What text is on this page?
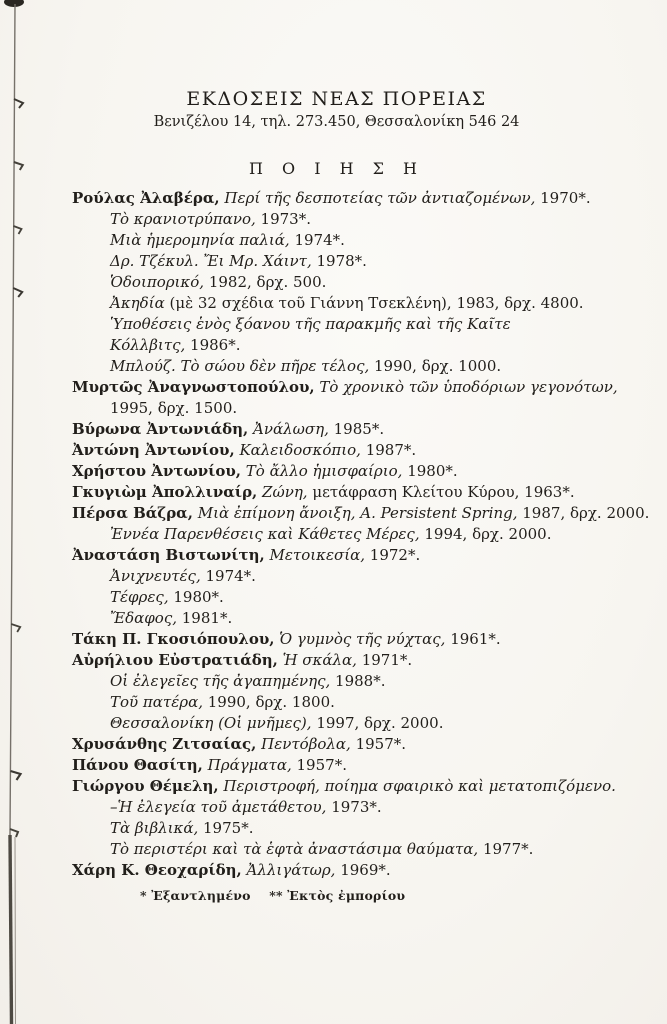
ΕΚΔΟΣΕΙΣ ΝΕΑΣ ΠΟΡΕΙΑΣ
Βενιζέλου 14, τηλ. 273.450, Θεσσαλονίκη 546 24
Π Ο Ι Η Σ Η
Ρούλας Ἀλαβέρα, Περί τῆς δεσποτείας τῶν ἀντιαζομένων, 1970*.
Τὸ κρανιοτρύπανο, 1973*.
Μιὰ ἡμερομηνία παλιά, 1974*.
Δρ. Τζέκυλ. Ἔι Μρ. Χάιντ, 1978*.
Ὁδοιπορικό, 1982, δρχ. 500.
Ἀκηδία (μὲ 32 σχέδια τοῦ Γιάννη Τσεκλένη), 1983, δρχ. 4800.
Ὑποθέσεις ἑνὸς ξόανου τῆς παρακμῆς καὶ τῆς Καῖτε
Κόλλβιτς, 1986*.
Μπλούζ. Τὸ σώου δὲν πῆρε τέλος, 1990, δρχ. 1000.
Μυρτῶς Ἀναγνωστοπούλου, Τὸ χρονικὸ τῶν ὑποδόριων γεγονότων,
1995, δρχ. 1500.
Βύρωνα Ἀντωνιάδη, Ἀνάλωση, 1985*.
Ἀντώνη Ἀντωνίου, Καλειδοσκόπιο, 1987*.
Χρήστου Ἀντωνίου, Τὸ ἄλλο ἡμισφαίριο, 1980*.
Γκυγιὼμ Ἀπολλιναίρ, Ζώνη, μετάφραση Κλείτου Κύρου, 1963*.
Πέρσα Βάζρα, Μιὰ ἐπίμονη ἄνοιξη, A. Persistent Spring, 1987, δρχ. 2000.
Ἐννέα Παρενθέσεις καὶ Κάθετες Μέρες, 1994, δρχ. 2000.
Ἀναστάση Βιστωνίτη, Μετοικεσία, 1972*.
Ἀνιχνευτές, 1974*.
Τέφρες, 1980*.
Ἔδαφος, 1981*.
Τάκη Π. Γκοσιόπουλου, Ὁ γυμνὸς τῆς νύχτας, 1961*.
Αὐρήλιου Εὐστρατιάδη, Ἡ σκάλα, 1971*.
Οἱ ἐλεγεῖες τῆς ἀγαπημένης, 1988*.
Τοῦ πατέρα, 1990, δρχ. 1800.
Θεσσαλονίκη (Οἱ μνῆμες), 1997, δρχ. 2000.
Χρυσάνθης Ζιτσαίας, Πεντόβολα, 1957*.
Πάνου Θασίτη, Πράγματα, 1957*.
Γιώργου Θέμελη, Περιστροφή, ποίημα σφαιρικὸ καὶ μετατοπιζόμενο.
–Ἡ ἐλεγεία τοῦ ἀμετάθετου, 1973*.
Τὰ βιβλικά, 1975*.
Τὸ περιστέρι καὶ τὰ ἑφτὰ ἀναστάσιμα θαύματα, 1977*.
Χάρη Κ. Θεοχαρίδη, Ἀλλιγάτωρ, 1969*.
* Ἐξαντλημένο ** Ἐκτὸς ἐμπορίου
